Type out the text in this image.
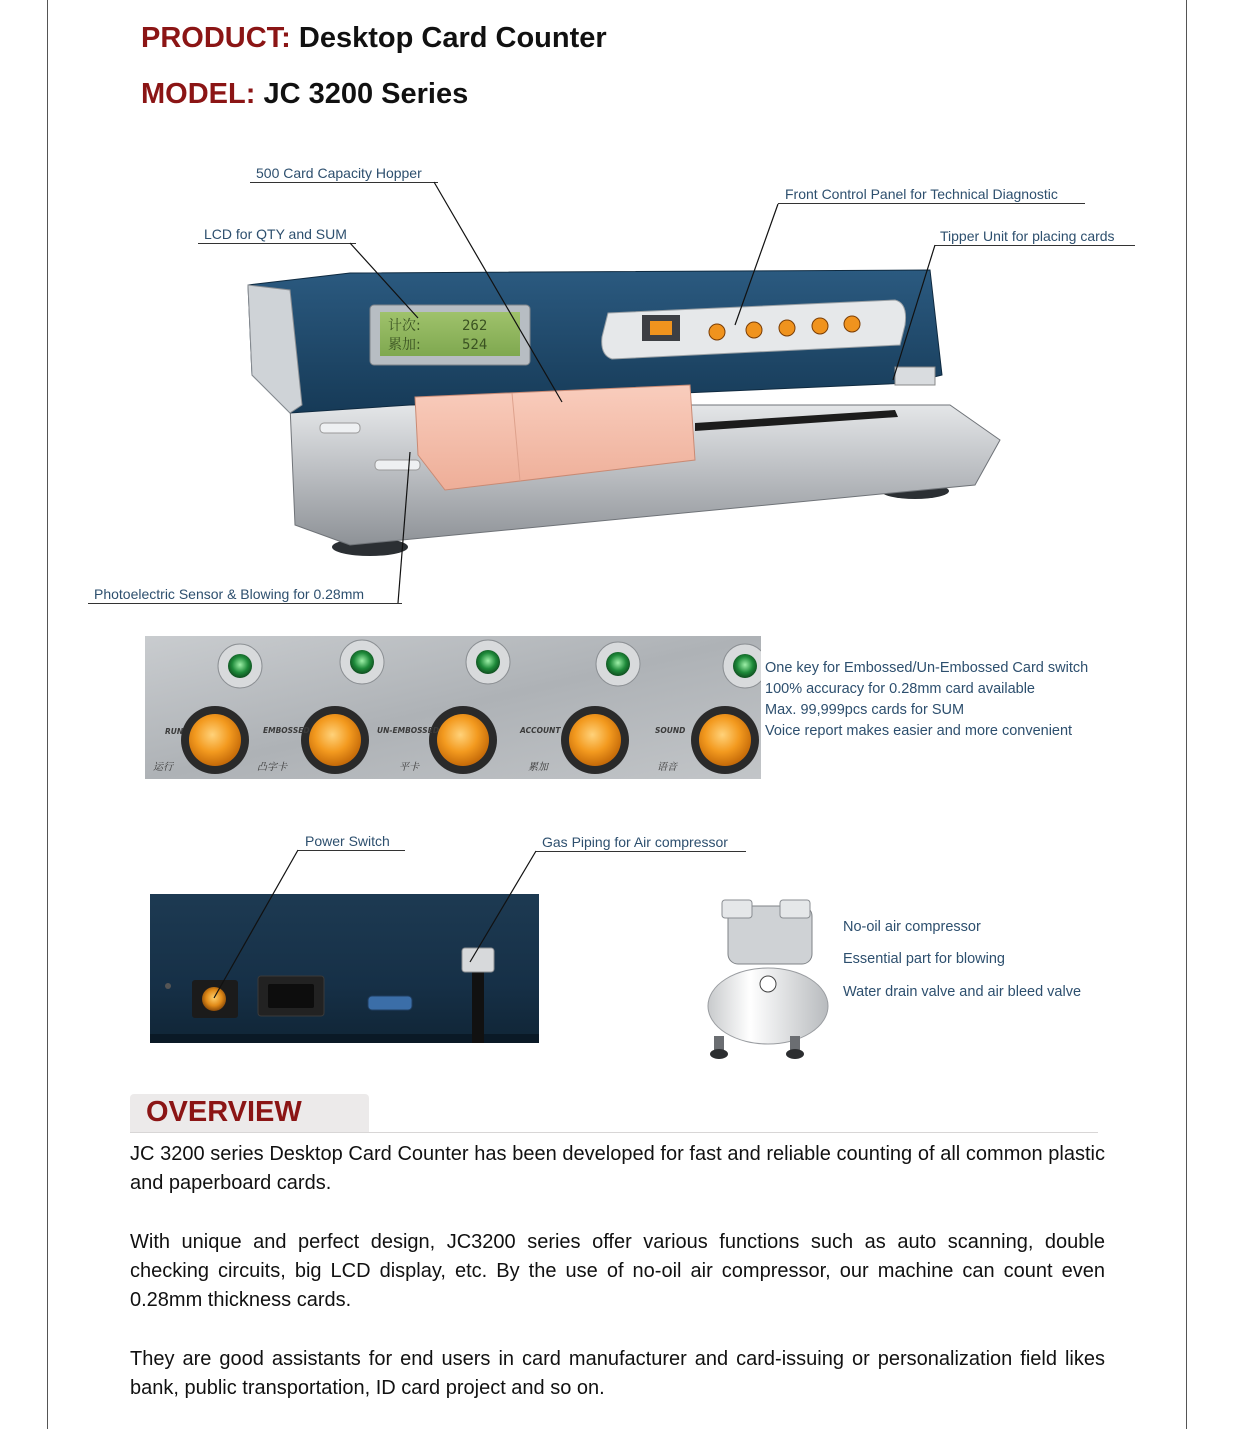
PRODUCT: Desktop Card Counter
MODEL: JC 3200 Series
计次:	262
累加:	524
500 Card Capacity Hopper
LCD for QTY and SUM
Front Control Panel for Technical Diagnostic
Tipper Unit for placing cards
Photoelectric Sensor & Blowing for 0.28mm
RUN	EMBOSSED	UN-EMBOSSED	ACCOUNT	SOUND
运行	凸字卡	平卡	累加	语音
One key for Embossed/Un-Embossed Card switch
100% accuracy for 0.28mm card available
Max. 99,999pcs cards for SUM
Voice report makes easier and more convenient
Power Switch	Gas Piping for Air compressor
No-oil air compressor
Essential part for blowing
Water drain valve and air bleed valve
OVERVIEW
JC 3200 series Desktop Card Counter has been developed for fast and reliable counting of all common plastic and paperboard cards.
With unique and perfect design, JC3200 series offer various functions such as auto scanning, double checking circuits, big LCD display, etc. By the use of no-oil air compressor, our machine can count even 0.28mm thickness cards.
They are good assistants for end users in card manufacturer and card-issuing or personalization field likes bank, public transportation, ID card project and so on.
